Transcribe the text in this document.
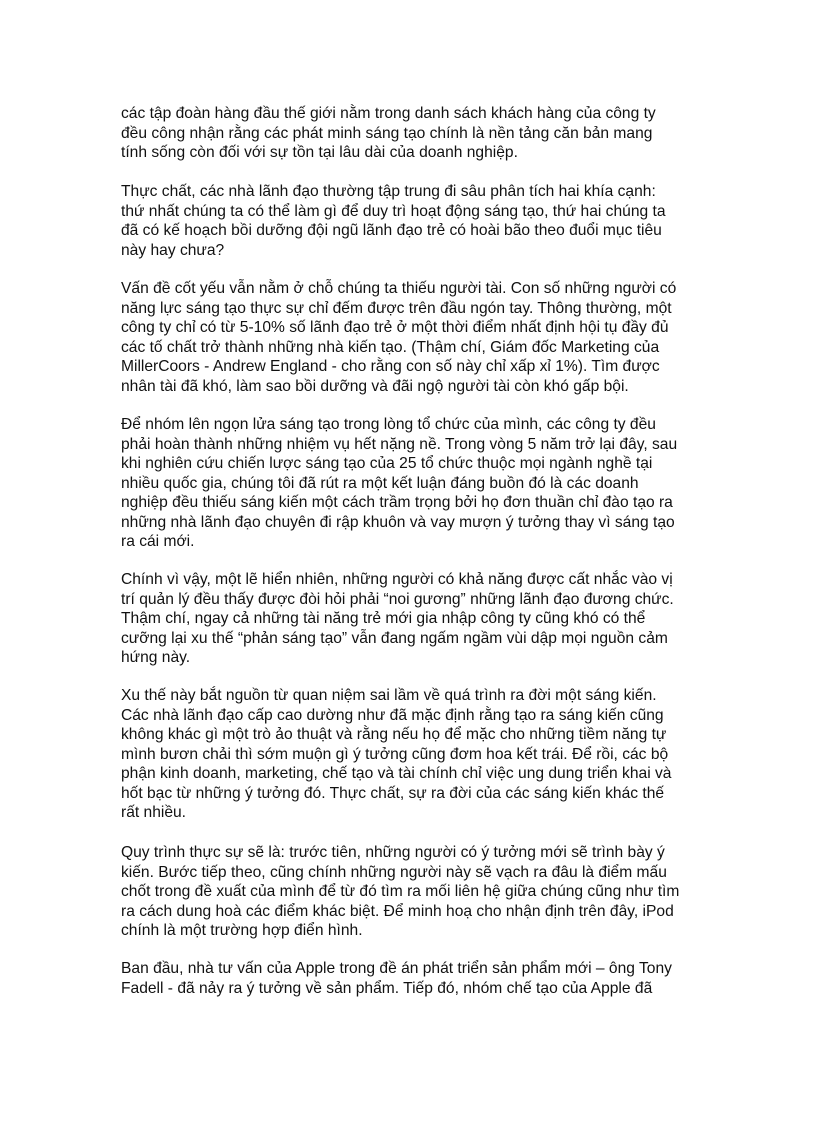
các tập đoàn hàng đầu thế giới nằm trong danh sách khách hàng của công ty
đều công nhận rằng các phát minh sáng tạo chính là nền tảng căn bản mang
tính sống còn đối với sự tồn tại lâu dài của doanh nghiệp.
Thực chất, các nhà lãnh đạo thường tập trung đi sâu phân tích hai khía cạnh:
thứ nhất chúng ta có thể làm gì để duy trì hoạt động sáng tạo, thứ hai chúng ta
đã có kế hoạch bồi dưỡng đội ngũ lãnh đạo trẻ có hoài bão theo đuổi mục tiêu
này hay chưa?
Vấn đề cốt yếu vẫn nằm ở chỗ chúng ta thiếu người tài. Con số những người có
năng lực sáng tạo thực sự chỉ đếm được trên đầu ngón tay. Thông thường, một
công ty chỉ có từ 5-10% số lãnh đạo trẻ ở một thời điểm nhất định hội tụ đầy đủ
các tố chất trở thành những nhà kiến tạo. (Thậm chí, Giám đốc Marketing của
MillerCoors - Andrew England - cho rằng con số này chỉ xấp xỉ 1%). Tìm được
nhân tài đã khó, làm sao bồi dưỡng và đãi ngộ người tài còn khó gấp bội.
Để nhóm lên ngọn lửa sáng tạo trong lòng tổ chức của mình, các công ty đều
phải hoàn thành những nhiệm vụ hết nặng nề. Trong vòng 5 năm trở lại đây, sau
khi nghiên cứu chiến lược sáng tạo của 25 tổ chức thuộc mọi ngành nghề tại
nhiều quốc gia, chúng tôi đã rút ra một kết luận đáng buồn đó là các doanh
nghiệp đều thiếu sáng kiến một cách trầm trọng bởi họ đơn thuần chỉ đào tạo ra
những nhà lãnh đạo chuyên đi rập khuôn và vay mượn ý tưởng thay vì sáng tạo
ra cái mới.
Chính vì vậy, một lẽ hiển nhiên, những người có khả năng được cất nhắc vào vị
trí quản lý đều thấy được đòi hỏi phải “noi gương” những lãnh đạo đương chức.
Thậm chí, ngay cả những tài năng trẻ mới gia nhập công ty cũng khó có thể
cưỡng lại xu thế “phản sáng tạo” vẫn đang ngấm ngầm vùi dập mọi nguồn cảm
hứng này.
Xu thế này bắt nguồn từ quan niệm sai lầm về quá trình ra đời một sáng kiến.
Các nhà lãnh đạo cấp cao dường như đã mặc định rằng tạo ra sáng kiến cũng
không khác gì một trò ảo thuật và rằng nếu họ để mặc cho những tiềm năng tự
mình bươn chải thì sớm muộn gì ý tưởng cũng đơm hoa kết trái. Để rồi, các bộ
phận kinh doanh, marketing, chế tạo và tài chính chỉ việc ung dung triển khai và
hốt bạc từ những ý tưởng đó. Thực chất, sự ra đời của các sáng kiến khác thế
rất nhiều.
Quy trình thực sự sẽ là: trước tiên, những người có ý tưởng mới sẽ trình bày ý
kiến. Bước tiếp theo, cũng chính những người này sẽ vạch ra đâu là điểm mấu
chốt trong đề xuất của mình để từ đó tìm ra mối liên hệ giữa chúng cũng như tìm
ra cách dung hoà các điểm khác biệt. Để minh hoạ cho nhận định trên đây, iPod
chính là một trường hợp điển hình.
Ban đầu, nhà tư vấn của Apple trong đề án phát triển sản phẩm mới – ông Tony
Fadell - đã nảy ra ý tưởng về sản phẩm. Tiếp đó, nhóm chế tạo của Apple đã
